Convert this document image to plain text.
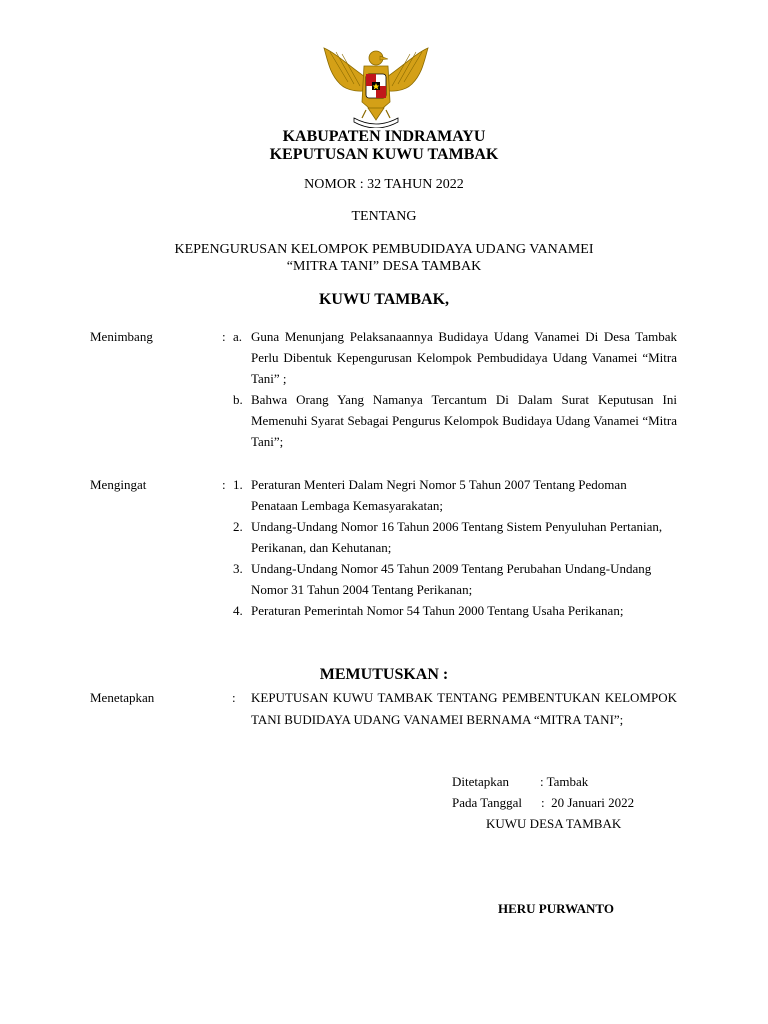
KABUPATEN INDRAMAYU
KEPUTUSAN KUWU TAMBAK
NOMOR : 32 TAHUN 2022
TENTANG
KEPENGURUSAN KELOMPOK PEMBUDIDAYA UDANG VANAMEI
“MITRA TANI” DESA TAMBAK
KUWU TAMBAK,
Menimbang	: a. Guna Menunjang Pelaksanaannya Budidaya Udang Vanamei Di Desa Tambak Perlu Dibentuk Kepengurusan Kelompok Pembudidaya Udang Vanamei “Mitra Tani” ;
b. Bahwa Orang Yang Namanya Tercantum Di Dalam Surat Keputusan Ini Memenuhi Syarat Sebagai Pengurus Kelompok Budidaya Udang Vanamei “Mitra Tani”;
Mengingat	: 1. Peraturan Menteri Dalam Negri Nomor 5 Tahun 2007 Tentang Pedoman Penataan Lembaga Kemasyarakatan;
2. Undang-Undang Nomor 16 Tahun 2006 Tentang Sistem Penyuluhan Pertanian, Perikanan, dan Kehutanan;
3. Undang-Undang Nomor 45 Tahun 2009 Tentang Perubahan Undang-Undang Nomor 31 Tahun 2004 Tentang Perikanan;
4. Peraturan Pemerintah Nomor 54 Tahun 2000 Tentang Usaha Perikanan;
MEMUTUSKAN :
Menetapkan	: KEPUTUSAN KUWU TAMBAK TENTANG PEMBENTUKAN KELOMPOK TANI BUDIDAYA UDANG VANAMEI BERNAMA “MITRA TANI”;
Ditetapkan : Tambak
Pada Tanggal :  20 Januari 2022
KUWU DESA TAMBAK
HERU PURWANTO
